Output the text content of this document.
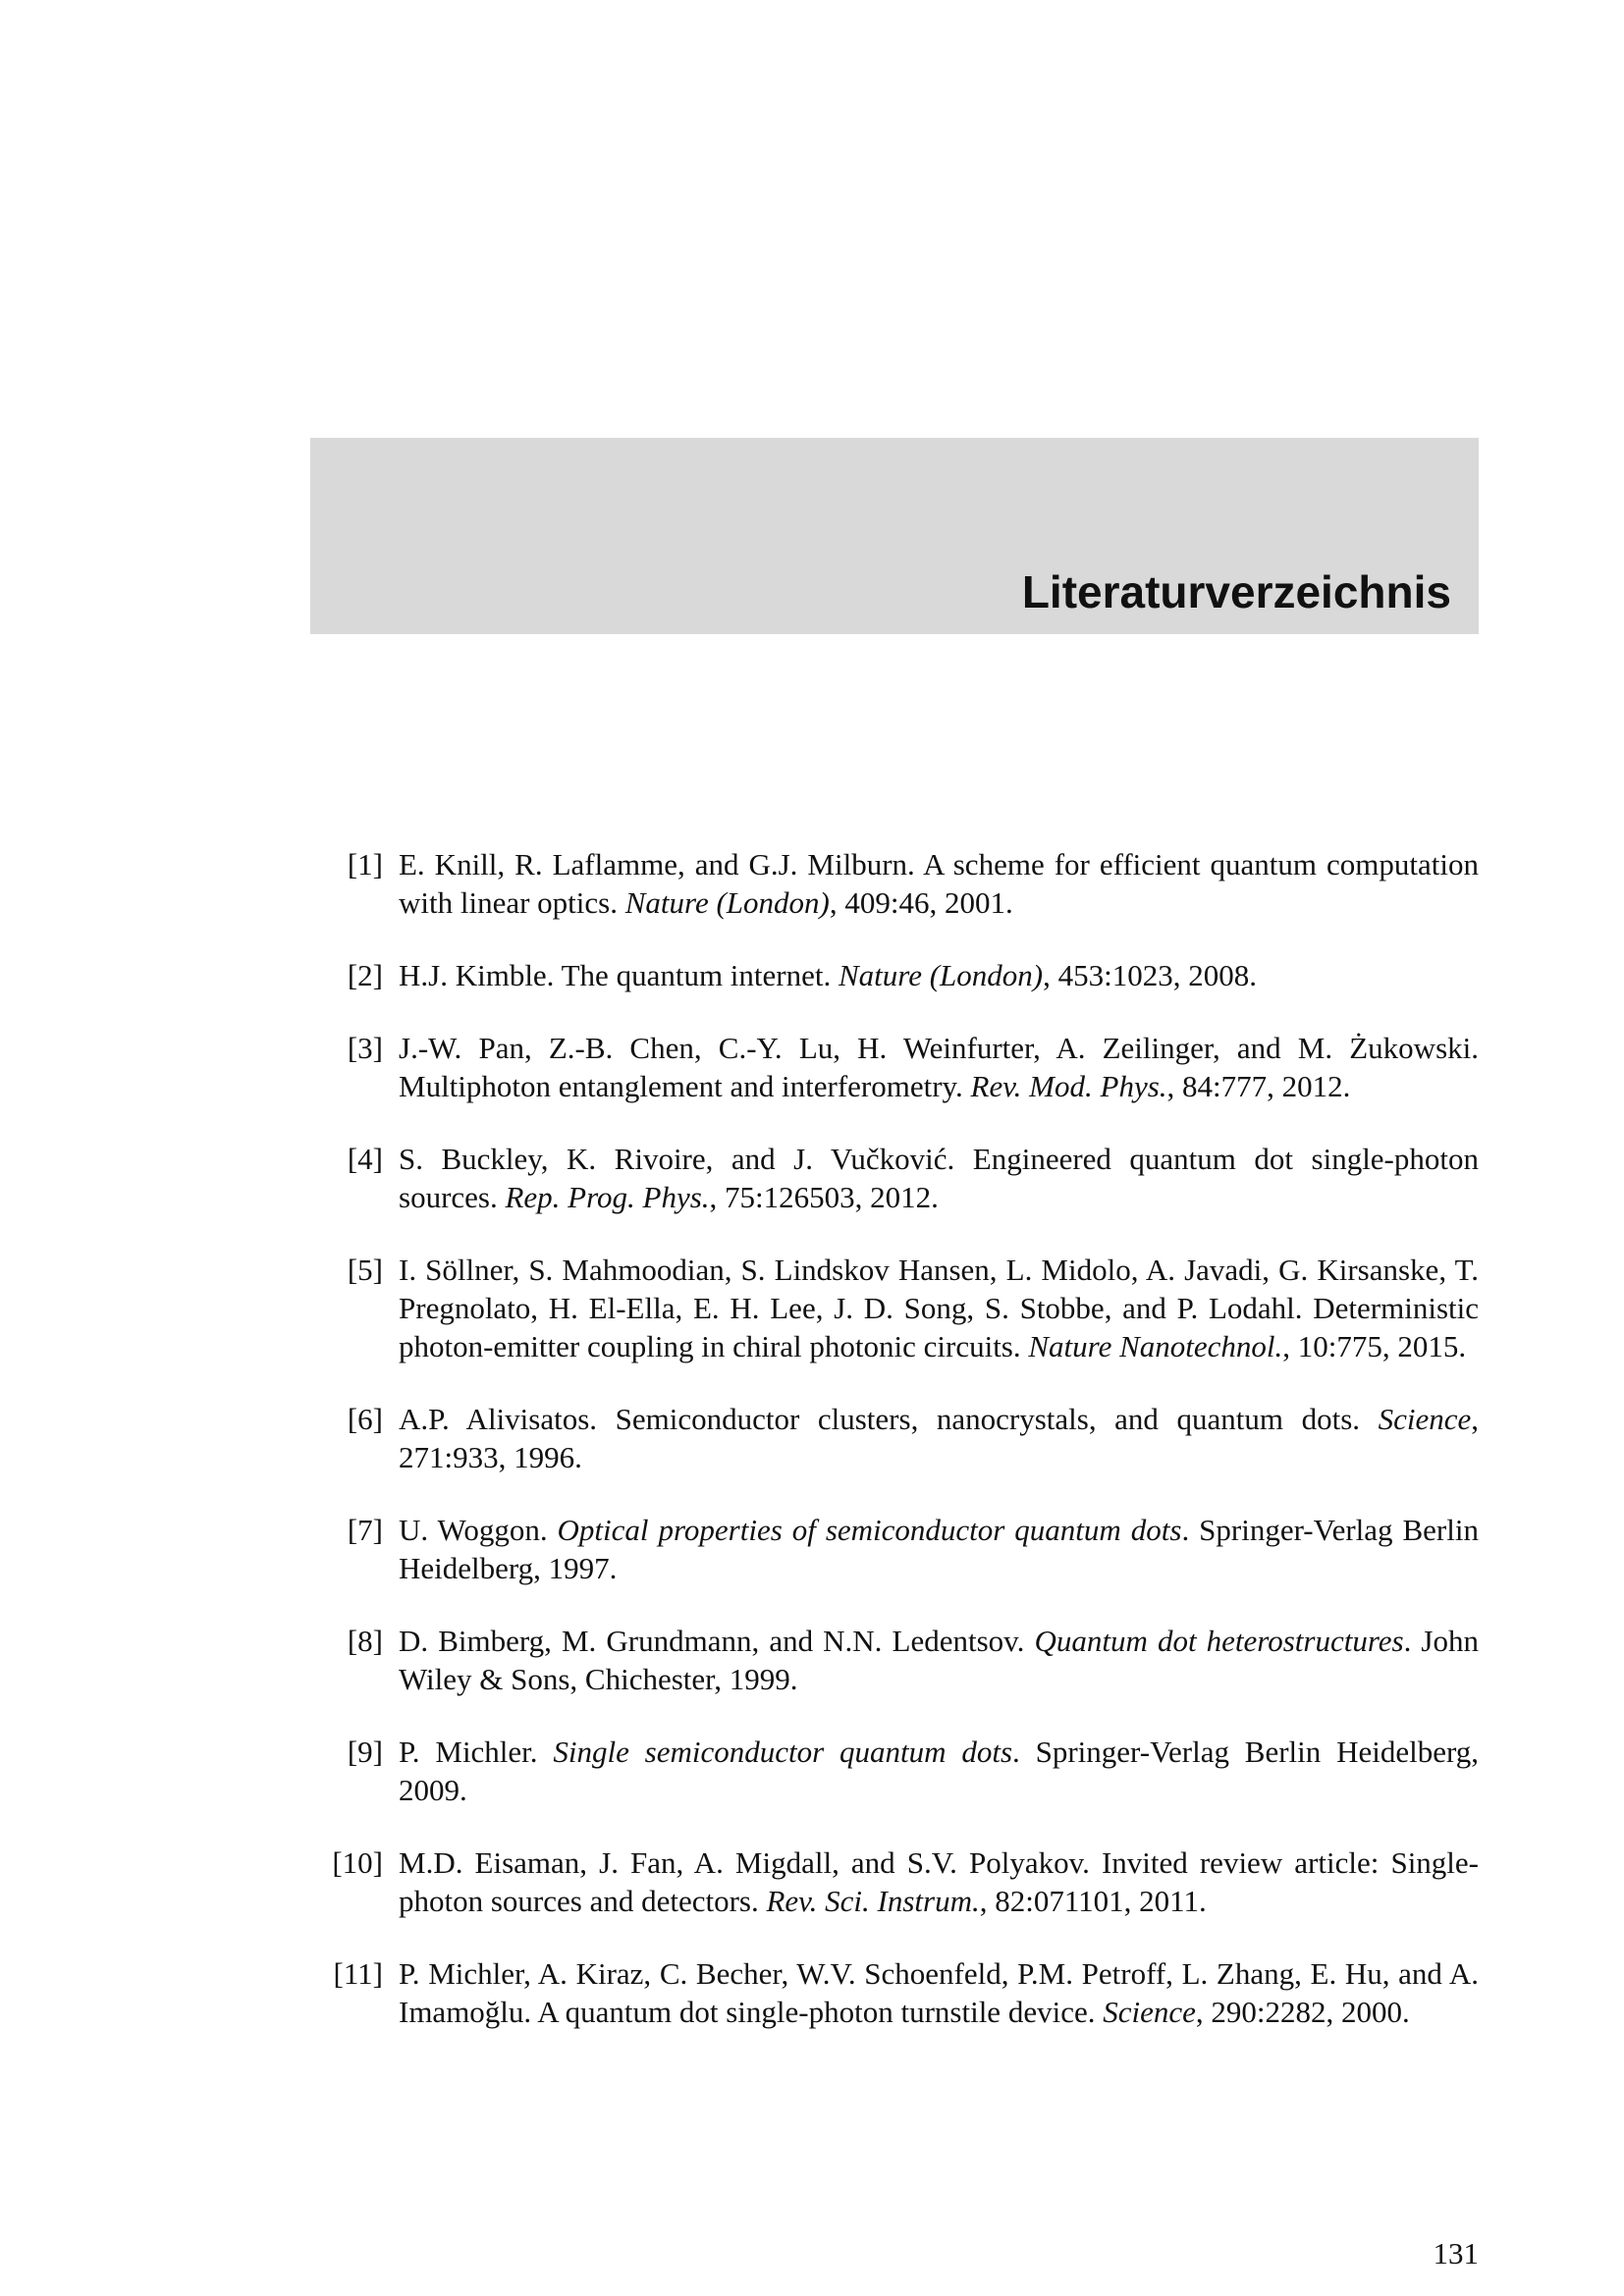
Literaturverzeichnis
[1] E. Knill, R. Laflamme, and G.J. Milburn. A scheme for efficient quantum computation with linear optics. Nature (London), 409:46, 2001.
[2] H.J. Kimble. The quantum internet. Nature (London), 453:1023, 2008.
[3] J.-W. Pan, Z.-B. Chen, C.-Y. Lu, H. Weinfurter, A. Zeilinger, and M. Żukowski. Multiphoton entanglement and interferometry. Rev. Mod. Phys., 84:777, 2012.
[4] S. Buckley, K. Rivoire, and J. Vučković. Engineered quantum dot single-photon sources. Rep. Prog. Phys., 75:126503, 2012.
[5] I. Söllner, S. Mahmoodian, S. Lindskov Hansen, L. Midolo, A. Javadi, G. Kirsanske, T. Pregnolato, H. El-Ella, E. H. Lee, J. D. Song, S. Stobbe, and P. Lodahl. Deterministic photon-emitter coupling in chiral photonic circuits. Nature Nanotechnol., 10:775, 2015.
[6] A.P. Alivisatos. Semiconductor clusters, nanocrystals, and quantum dots. Science, 271:933, 1996.
[7] U. Woggon. Optical properties of semiconductor quantum dots. Springer-Verlag Berlin Heidelberg, 1997.
[8] D. Bimberg, M. Grundmann, and N.N. Ledentsov. Quantum dot heterostructures. John Wiley & Sons, Chichester, 1999.
[9] P. Michler. Single semiconductor quantum dots. Springer-Verlag Berlin Heidelberg, 2009.
[10] M.D. Eisaman, J. Fan, A. Migdall, and S.V. Polyakov. Invited review article: Single-photon sources and detectors. Rev. Sci. Instrum., 82:071101, 2011.
[11] P. Michler, A. Kiraz, C. Becher, W.V. Schoenfeld, P.M. Petroff, L. Zhang, E. Hu, and A. Imamoğlu. A quantum dot single-photon turnstile device. Science, 290:2282, 2000.
131
